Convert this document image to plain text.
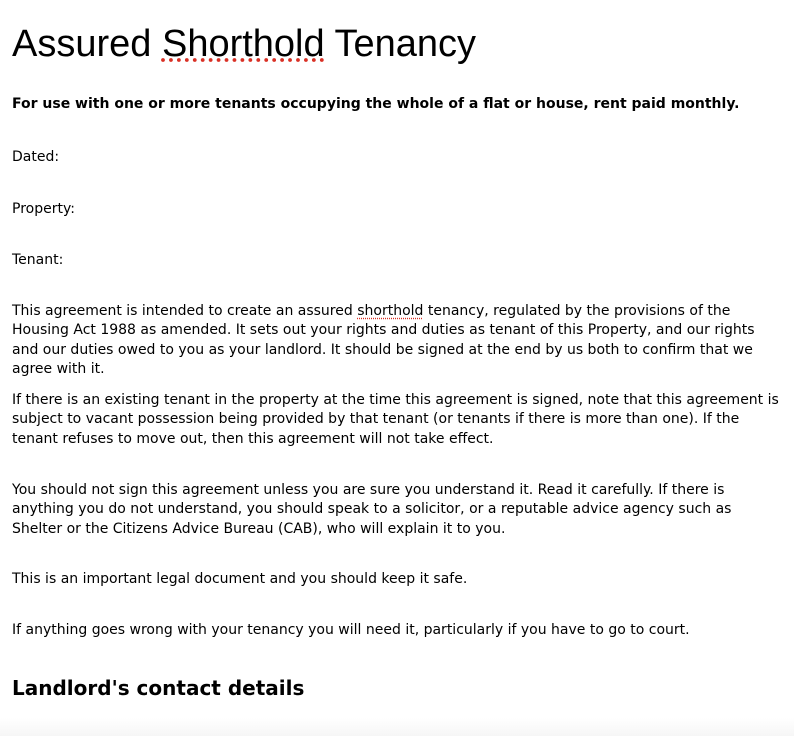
Assured Shorthold Tenancy

For use with one or more tenants occupying the whole of a flat or house, rent paid monthly.

Dated:

Property:

Tenant:

This agreement is intended to create an assured shorthold tenancy, regulated by the provisions of the Housing Act 1988 as amended. It sets out your rights and duties as tenant of this Property, and our rights and our duties owed to you as your landlord. It should be signed at the end by us both to confirm that we agree with it.

If there is an existing tenant in the property at the time this agreement is signed, note that this agreement is subject to vacant possession being provided by that tenant (or tenants if there is more than one). If the tenant refuses to move out, then this agreement will not take effect.

You should not sign this agreement unless you are sure you understand it. Read it carefully. If there is anything you do not understand, you should speak to a solicitor, or a reputable advice agency such as Shelter or the Citizens Advice Bureau (CAB), who will explain it to you.

This is an important legal document and you should keep it safe.

If anything goes wrong with your tenancy you will need it, particularly if you have to go to court.

Landlord's contact details
